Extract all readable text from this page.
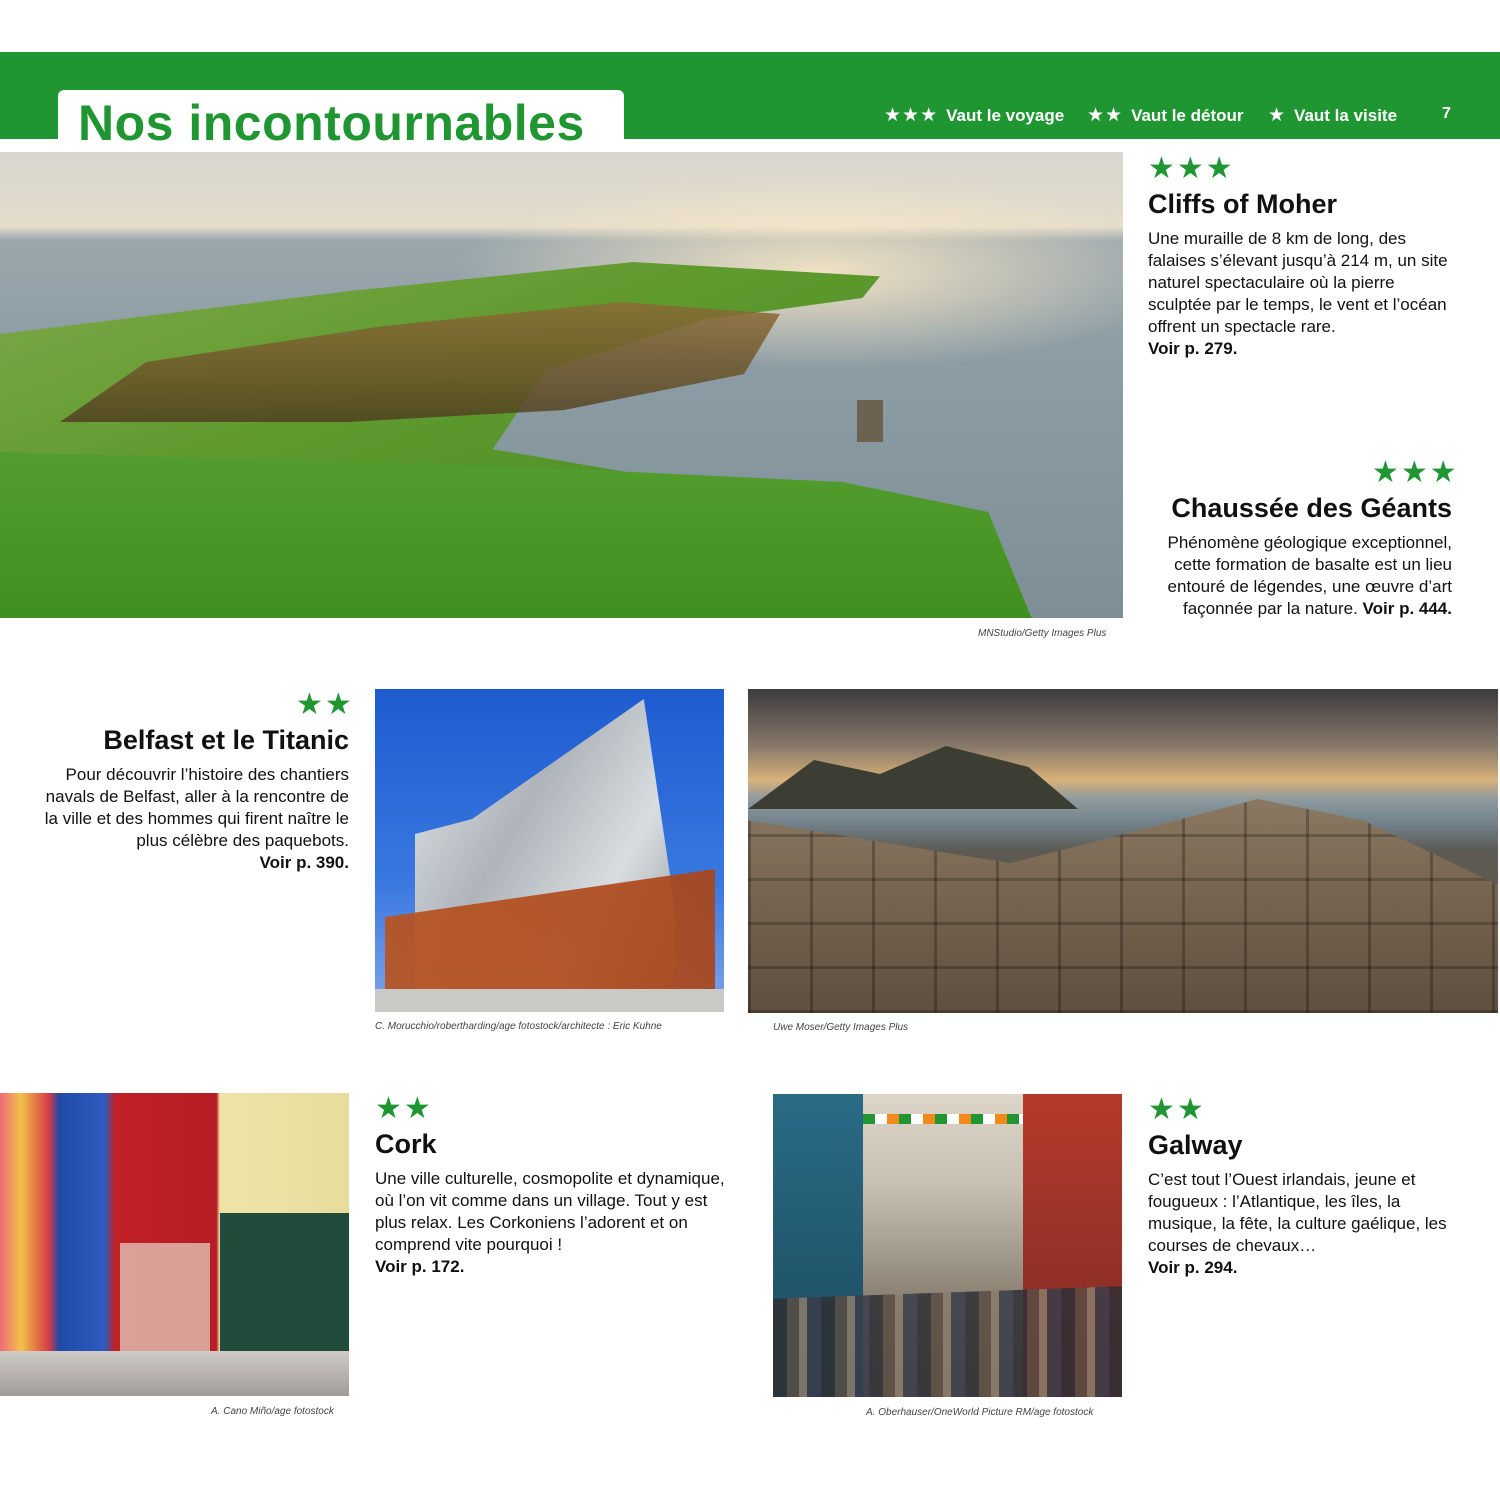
Nos incontournables	★★★ Vaut le voyage ★★ Vaut le détour ★ Vaut la visite	7
MNStudio/Getty Images Plus
★★★
Cliffs of Moher
Une muraille de 8 km de long, des falaises s’élevant jusqu’à 214 m, un site naturel spectaculaire où la pierre sculptée par le temps, le vent et l’océan offrent un spectacle rare.
Voir p. 279.
★★★
Chaussée des Géants
Phénomène géologique exceptionnel, cette formation de basalte est un lieu entouré de légendes, une œuvre d’art façonnée par la nature. Voir p. 444.
★★
Belfast et le Titanic
Pour découvrir l’histoire des chantiers navals de Belfast, aller à la rencontre de la ville et des hommes qui firent naître le plus célèbre des paquebots.
Voir p. 390.
C. Morucchio/robertharding/age fotostock/architecte : Eric Kuhne	Uwe Moser/Getty Images Plus
A. Cano Miño/age fotostock
★★
Cork
Une ville culturelle, cosmopolite et dynamique, où l’on vit comme dans un village. Tout y est plus relax. Les Corkoniens l’adorent et on comprend vite pourquoi !
Voir p. 172.
A. Oberhauser/OneWorld Picture RM/age fotostock
★★
Galway
C’est tout l’Ouest irlandais, jeune et fougueux : l’Atlantique, les îles, la musique, la fête, la culture gaélique, les courses de chevaux…
Voir p. 294.
